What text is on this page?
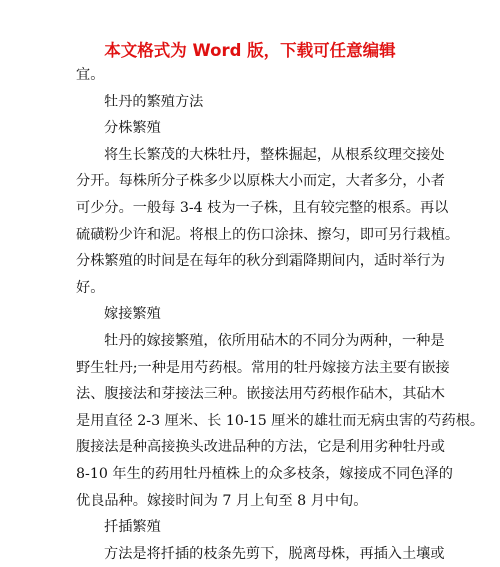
本文格式为 Word 版，下载可任意编辑
宜。
牡丹的繁殖方法
分株繁殖
将生长繁茂的大株牡丹，整株掘起，从根系纹理交接处
分开。每株所分子株多少以原株大小而定，大者多分，小者
可少分。一般每 3-4 枝为一子株，且有较完整的根系。再以
硫磺粉少许和泥。将根上的伤口涂抹、擦匀，即可另行栽植。
分株繁殖的时间是在每年的秋分到霜降期间内，适时举行为
好。
嫁接繁殖
牡丹的嫁接繁殖，依所用砧木的不同分为两种，一种是
野生牡丹;一种是用芍药根。常用的牡丹嫁接方法主要有嵌接
法、腹接法和芽接法三种。嵌接法用芍药根作砧木，其砧木
是用直径 2-3 厘米、长 10-15 厘米的雄壮而无病虫害的芍药根。
腹接法是种高接换头改进品种的方法，它是利用劣种牡丹或
8-10 年生的药用牡丹植株上的众多枝条，嫁接成不同色泽的
优良品种。嫁接时间为 7 月上旬至 8 月中旬。
扦插繁殖
方法是将扦插的枝条先剪下，脱离母株，再插入土壤或
